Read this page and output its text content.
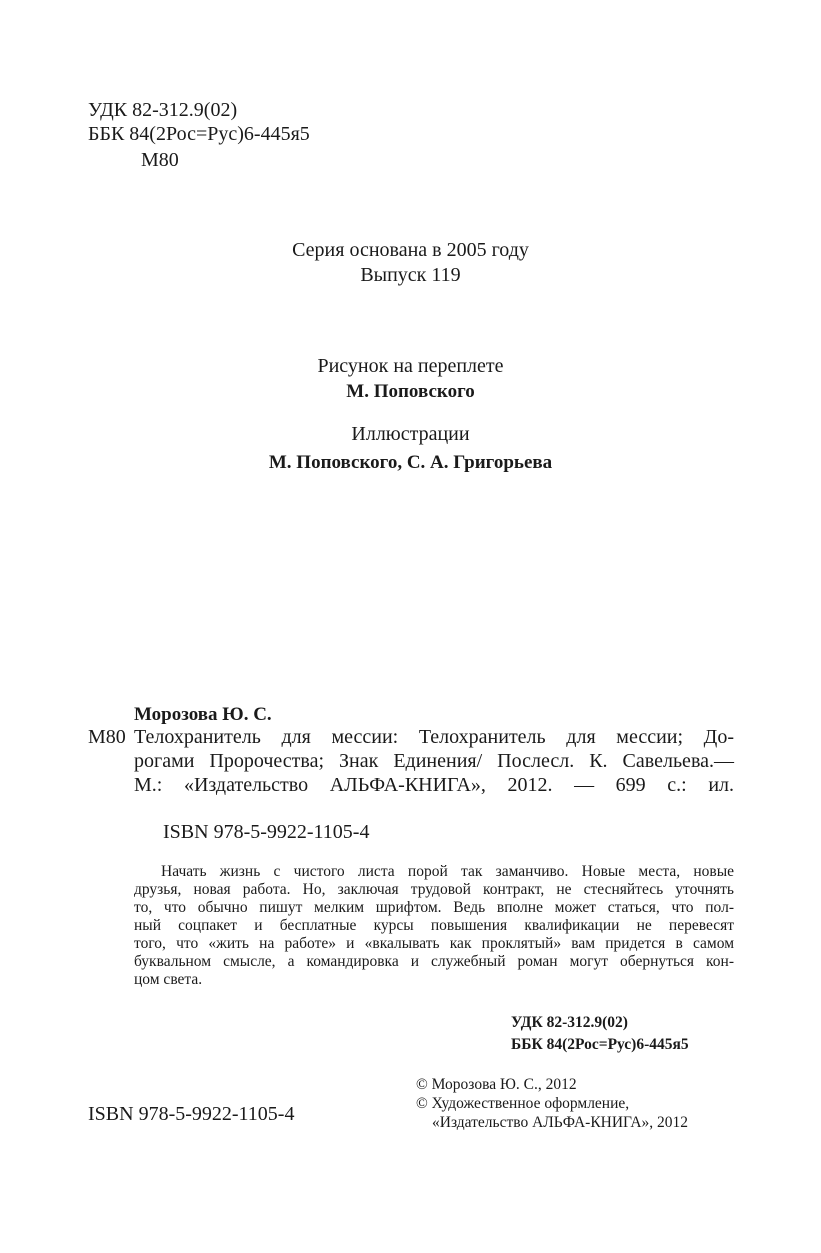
УДК 82-312.9(02)
ББК 84(2Рос=Рус)6-445я5
М80
Серия основана в 2005 году
Выпуск 119
Рисунок на переплете
М. Поповского
Иллюстрации
М. Поповского, С. А. Григорьева
Морозова Ю. С.
М80 Телохранитель для мессии: Телохранитель для мессии; До-
рогами Пророчества; Знак Единения/ Послесл. К. Савельева.—
М.: «Издательство АЛЬФА-КНИГА», 2012. — 699 с.: ил.
ISBN 978-5-9922-1105-4
Начать жизнь с чистого листа порой так заманчиво. Новые места, новые
друзья, новая работа. Но, заключая трудовой контракт, не стесняйтесь уточнять
то, что обычно пишут мелким шрифтом. Ведь вполне может статься, что пол-
ный соцпакет и бесплатные курсы повышения квалификации не перевесят
того, что «жить на работе» и «вкалывать как проклятый» вам придется в самом
буквальном смысле, а командировка и служебный роман могут обернуться кон-
цом света.
УДК 82-312.9(02)
ББК 84(2Рос=Рус)6-445я5
ISBN 978-5-9922-1105-4
© Морозова Ю. С., 2012
© Художественное оформление,
«Издательство АЛЬФА-КНИГА», 2012
